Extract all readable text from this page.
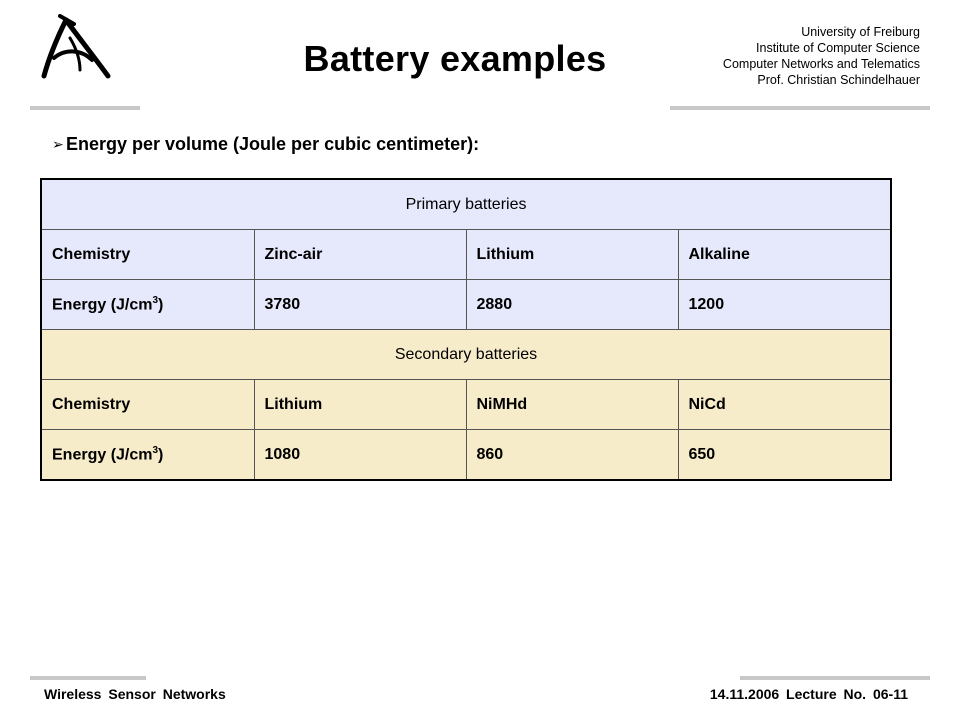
Battery examples
University of Freiburg
Institute of Computer Science
Computer Networks and Telematics
Prof. Christian Schindelhauer
➢ Energy per volume (Joule per cubic centimeter):
Primary batteries			
Chemistry	Zinc-air	Lithium	Alkaline
Energy $(J/cm^3)$	3780	2880	1200
Secondary batteries			
Chemistry	Lithium	NiMHd	NiCd
Energy $(J/cm^3)$	1080	860	650
Wireless Sensor Networks	14.11.2006 Lecture No. 06-11
